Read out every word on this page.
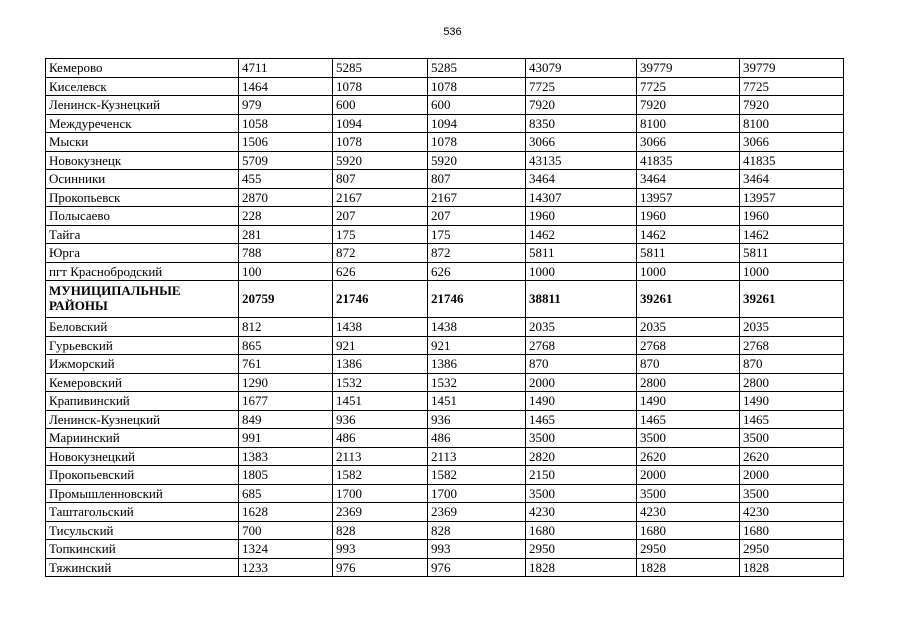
536
Кемерово	4711	5285	5285	43079	39779	39779
Киселевск	1464	1078	1078	7725	7725	7725
Ленинск-Кузнецкий	979	600	600	7920	7920	7920
Междуреченск	1058	1094	1094	8350	8100	8100
Мыски	1506	1078	1078	3066	3066	3066
Новокузнецк	5709	5920	5920	43135	41835	41835
Осинники	455	807	807	3464	3464	3464
Прокопьевск	2870	2167	2167	14307	13957	13957
Полысаево	228	207	207	1960	1960	1960
Тайга	281	175	175	1462	1462	1462
Юрга	788	872	872	5811	5811	5811
пгт Краснобродский	100	626	626	1000	1000	1000
МУНИЦИПАЛЬНЫЕ РАЙОНЫ	20759	21746	21746	38811	39261	39261
Беловский	812	1438	1438	2035	2035	2035
Гурьевский	865	921	921	2768	2768	2768
Ижморский	761	1386	1386	870	870	870
Кемеровский	1290	1532	1532	2000	2800	2800
Крапивинский	1677	1451	1451	1490	1490	1490
Ленинск-Кузнецкий	849	936	936	1465	1465	1465
Мариинский	991	486	486	3500	3500	3500
Новокузнецкий	1383	2113	2113	2820	2620	2620
Прокопьевский	1805	1582	1582	2150	2000	2000
Промышленновский	685	1700	1700	3500	3500	3500
Таштагольский	1628	2369	2369	4230	4230	4230
Тисульский	700	828	828	1680	1680	1680
Топкинский	1324	993	993	2950	2950	2950
Тяжинский	1233	976	976	1828	1828	1828
